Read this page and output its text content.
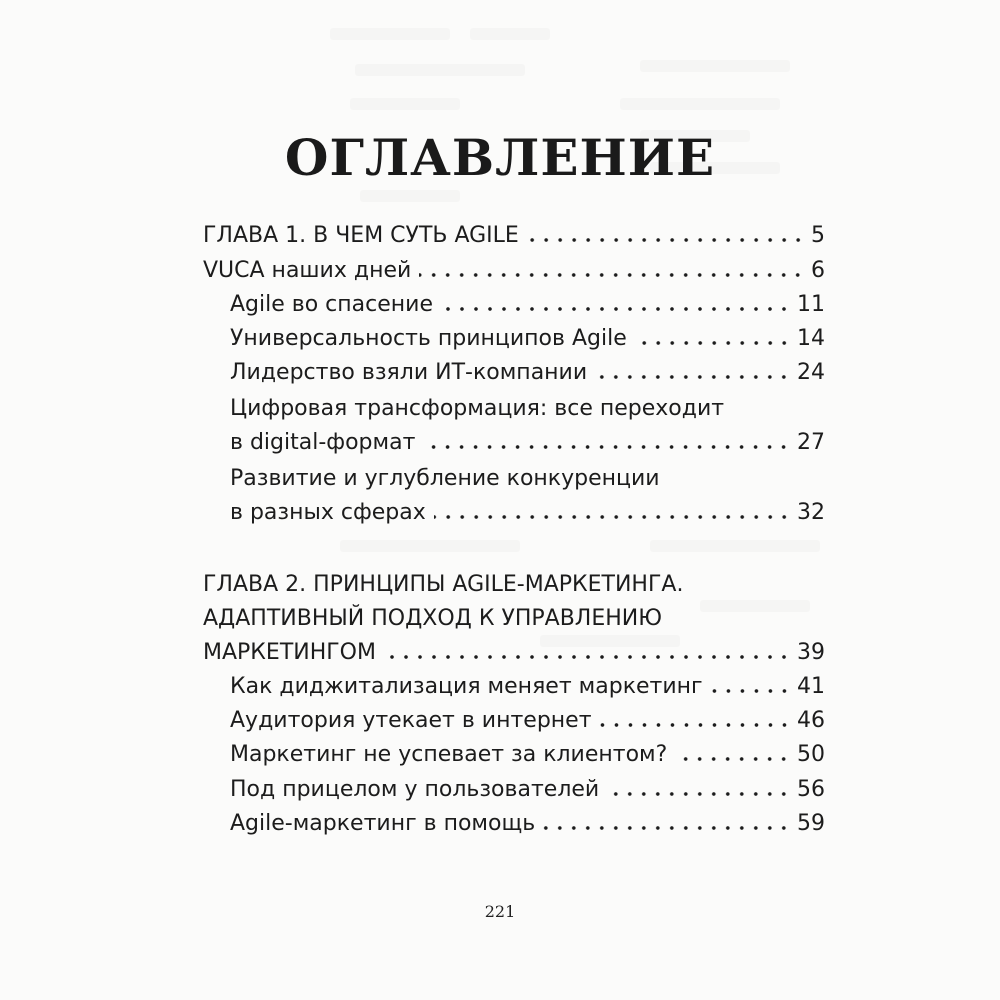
ОГЛАВЛЕНИЕ
ГЛАВА 1. В ЧЕМ СУТЬ AGILE	5
VUCA наших дней	6
Agile во спасение	11
Универсальность принципов Agile	14
Лидерство взяли ИТ-компании	24
Цифровая трансформация: все переходит
в digital-формат	27
Развитие и углубление конкуренции
в разных сферах	32
ГЛАВА 2. ПРИНЦИПЫ AGILE-МАРКЕТИНГА.
АДАПТИВНЫЙ ПОДХОД К УПРАВЛЕНИЮ
МАРКЕТИНГОМ	39
Как диджитализация меняет маркетинг	41
Аудитория утекает в интернет	46
Маркетинг не успевает за клиентом?	50
Под прицелом у пользователей	56
Agile-маркетинг в помощь	59
221
